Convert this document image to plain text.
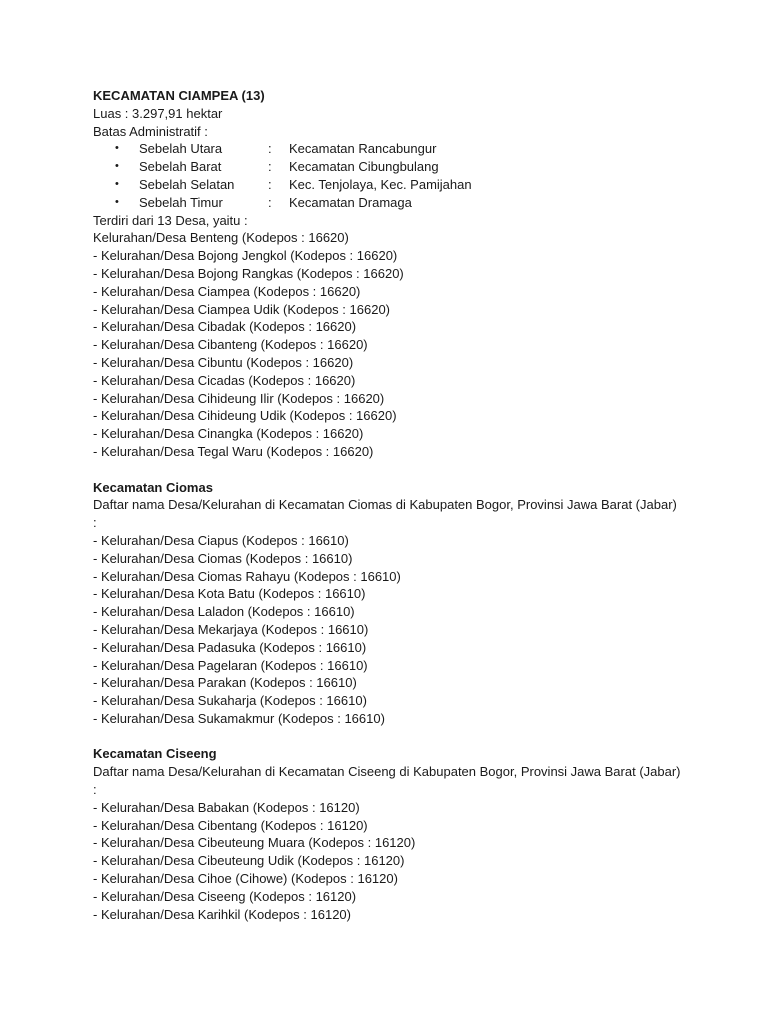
KECAMATAN CIAMPEA (13)
Luas : 3.297,91 hektar
Batas Administratif :
• Sebelah Utara	: Kecamatan Rancabungur
• Sebelah Barat	: Kecamatan Cibungbulang
• Sebelah Selatan	: Kec. Tenjolaya, Kec. Pamijahan
• Sebelah Timur	: Kecamatan Dramaga
Terdiri dari 13 Desa, yaitu :
Kelurahan/Desa Benteng (Kodepos : 16620)
- Kelurahan/Desa Bojong Jengkol (Kodepos : 16620)
- Kelurahan/Desa Bojong Rangkas (Kodepos : 16620)
- Kelurahan/Desa Ciampea (Kodepos : 16620)
- Kelurahan/Desa Ciampea Udik (Kodepos : 16620)
- Kelurahan/Desa Cibadak (Kodepos : 16620)
- Kelurahan/Desa Cibanteng (Kodepos : 16620)
- Kelurahan/Desa Cibuntu (Kodepos : 16620)
- Kelurahan/Desa Cicadas (Kodepos : 16620)
- Kelurahan/Desa Cihideung Ilir (Kodepos : 16620)
- Kelurahan/Desa Cihideung Udik (Kodepos : 16620)
- Kelurahan/Desa Cinangka (Kodepos : 16620)
- Kelurahan/Desa Tegal Waru (Kodepos : 16620)
Kecamatan Ciomas
Daftar nama Desa/Kelurahan di Kecamatan Ciomas di Kabupaten Bogor, Provinsi Jawa Barat (Jabar) :
- Kelurahan/Desa Ciapus (Kodepos : 16610)
- Kelurahan/Desa Ciomas (Kodepos : 16610)
- Kelurahan/Desa Ciomas Rahayu (Kodepos : 16610)
- Kelurahan/Desa Kota Batu (Kodepos : 16610)
- Kelurahan/Desa Laladon (Kodepos : 16610)
- Kelurahan/Desa Mekarjaya (Kodepos : 16610)
- Kelurahan/Desa Padasuka (Kodepos : 16610)
- Kelurahan/Desa Pagelaran (Kodepos : 16610)
- Kelurahan/Desa Parakan (Kodepos : 16610)
- Kelurahan/Desa Sukaharja (Kodepos : 16610)
- Kelurahan/Desa Sukamakmur (Kodepos : 16610)
Kecamatan Ciseeng
Daftar nama Desa/Kelurahan di Kecamatan Ciseeng di Kabupaten Bogor, Provinsi Jawa Barat (Jabar) :
- Kelurahan/Desa Babakan (Kodepos : 16120)
- Kelurahan/Desa Cibentang (Kodepos : 16120)
- Kelurahan/Desa Cibeuteung Muara (Kodepos : 16120)
- Kelurahan/Desa Cibeuteung Udik (Kodepos : 16120)
- Kelurahan/Desa Cihoe (Cihowe) (Kodepos : 16120)
- Kelurahan/Desa Ciseeng (Kodepos : 16120)
- Kelurahan/Desa Karihkil (Kodepos : 16120)
